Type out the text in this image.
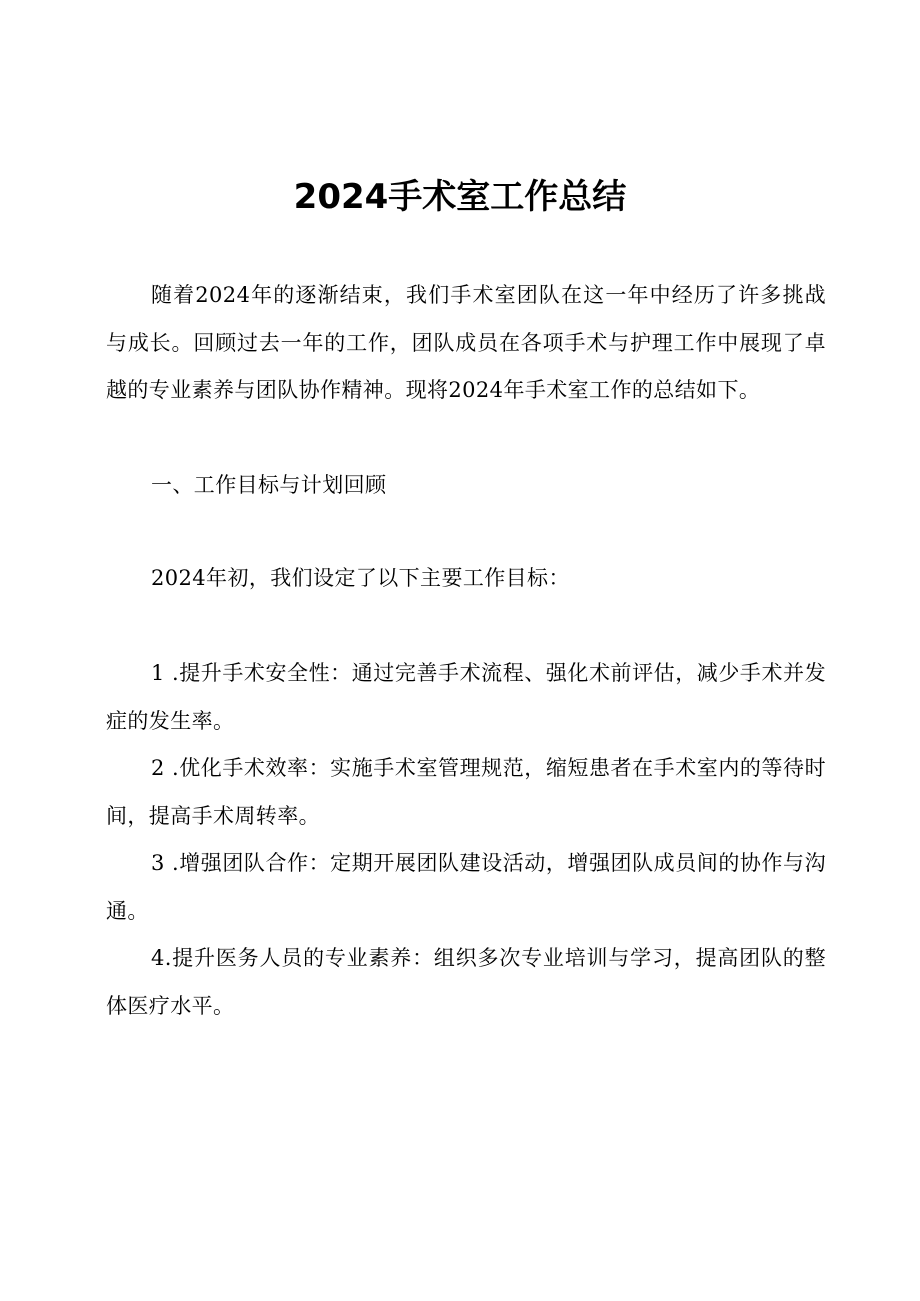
2024手术室工作总结
随着2024年的逐渐结束，我们手术室团队在这一年中经历了许多挑战与成长。回顾过去一年的工作，团队成员在各项手术与护理工作中展现了卓越的专业素养与团队协作精神。现将2024年手术室工作的总结如下。
一、工作目标与计划回顾
2024年初，我们设定了以下主要工作目标：
1 .提升手术安全性：通过完善手术流程、强化术前评估，减少手术并发症的发生率。
2 .优化手术效率：实施手术室管理规范，缩短患者在手术室内的等待时间，提高手术周转率。
3 .增强团队合作：定期开展团队建设活动，增强团队成员间的协作与沟通。
4.提升医务人员的专业素养：组织多次专业培训与学习，提高团队的整体医疗水平。
